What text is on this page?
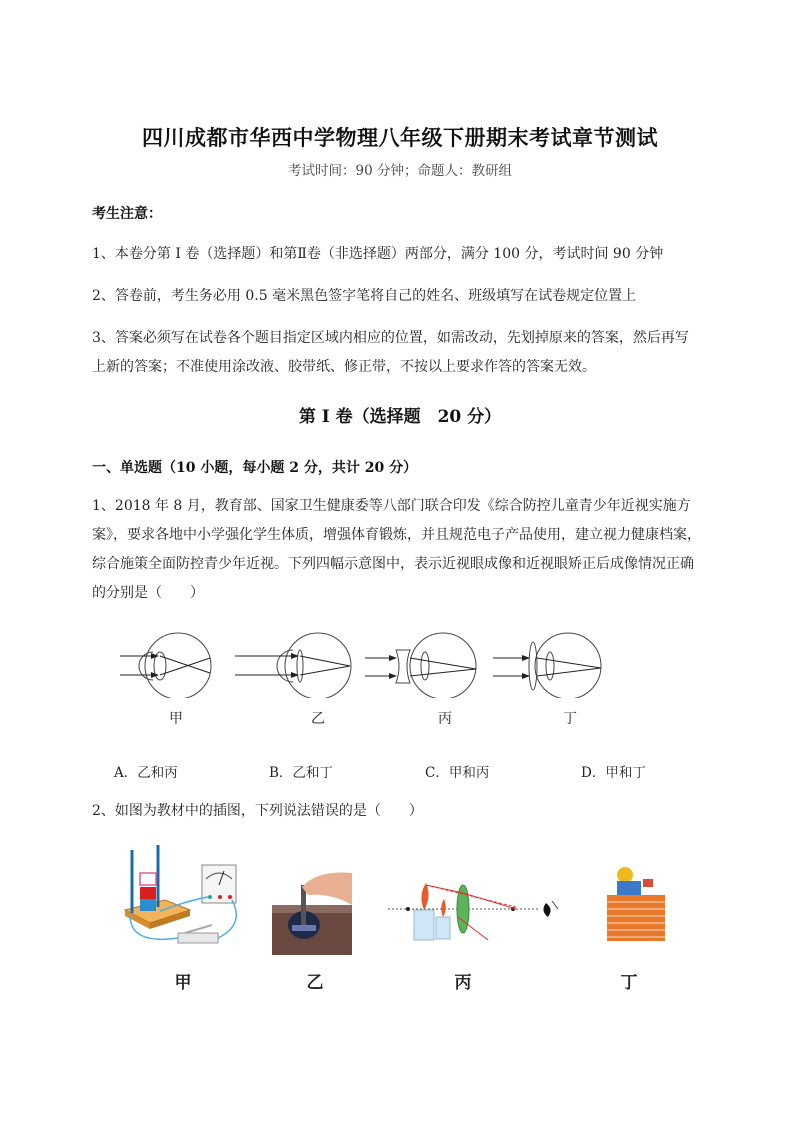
四川成都市华西中学物理八年级下册期末考试章节测试
考试时间：90 分钟；命题人：教研组
考生注意：
1、本卷分第 I 卷（选择题）和第Ⅱ卷（非选择题）两部分，满分 100 分，考试时间 90 分钟
2、答卷前，考生务必用 0.5 毫米黑色签字笔将自己的姓名、班级填写在试卷规定位置上
3、答案必须写在试卷各个题目指定区域内相应的位置，如需改动，先划掉原来的答案，然后再写上新的答案；不准使用涂改液、胶带纸、修正带，不按以上要求作答的答案无效。
第 I 卷（选择题　20 分）
一、单选题（10 小题，每小题 2 分，共计 20 分）
1、2018 年 8 月，教育部、国家卫生健康委等八部门联合印发《综合防控儿童青少年近视实施方案》，要求各地中小学强化学生体质，增强体育锻炼，并且规范电子产品使用，建立视力健康档案，综合施策全面防控青少年近视。下列四幅示意图中，表示近视眼成像和近视眼矫正后成像情况正确的分别是（　　）
甲	乙	丙	丁
A．乙和丙	B．乙和丁	C．甲和丙	D．甲和丁
2、如图为教材中的插图，下列说法错误的是（　　）
甲	乙	丙	丁
